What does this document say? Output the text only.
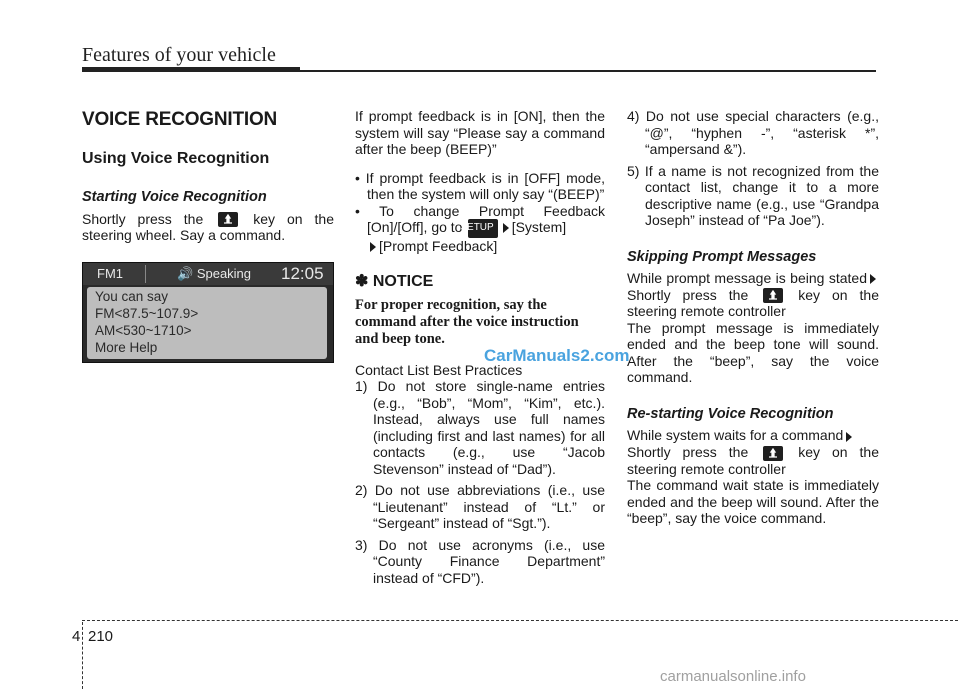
Features of your vehicle
VOICE RECOGNITION
Using Voice Recognition
Starting Voice Recognition

Shortly press the	key on the steering wheel. Say a command.

FM1	🔊 Speaking 12:05
You can say
FM<87.5~107.9>
AM<530~1710>
More Help

If prompt feedback is in [ON], then the system will say “Please say a command after the beep (BEEP)”

• If prompt feedback is in [OFF] mode, then the system will only say “(BEEP)”

• To change Prompt Feedback [On]/[Off], go to SETUP [System]
[Prompt Feedback]

✽ NOTICE
For proper recognition, say the command after the voice instruction and beep tone.

Contact List Best Practices

1) Do not store single-name entries (e.g., “Bob”, “Mom”, “Kim”, etc.). Instead, always use full names (including first and last names) for all contacts (e.g., use “Jacob Stevenson” instead of “Dad”).

2) Do not use abbreviations (i.e., use “Lieutenant” instead of “Lt.” or “Sergeant” instead of “Sgt.”).

3) Do not use acronyms (i.e., use “County Finance Department” instead of “CFD”).

4) Do not use special characters (e.g., “@”, “hyphen -”, “asterisk *”, “ampersand &”).

5) If a name is not recognized from the contact list, change it to a more descriptive name (e.g., use “Grandpa Joseph” instead of “Pa Joe”).

Skipping Prompt Messages

While prompt message is being statedShortly press the	key on the steering remote controller

The prompt message is immediately ended and the beep tone will sound. After the “beep”, say the voice command.

Re-starting Voice Recognition

While system waits for a command
Shortly press the	key on the steering remote controller

The command wait state is immediately ended and the beep will sound. After the “beep”, say the voice command.

CarManuals2.com
4 210
carmanualsonline.info
